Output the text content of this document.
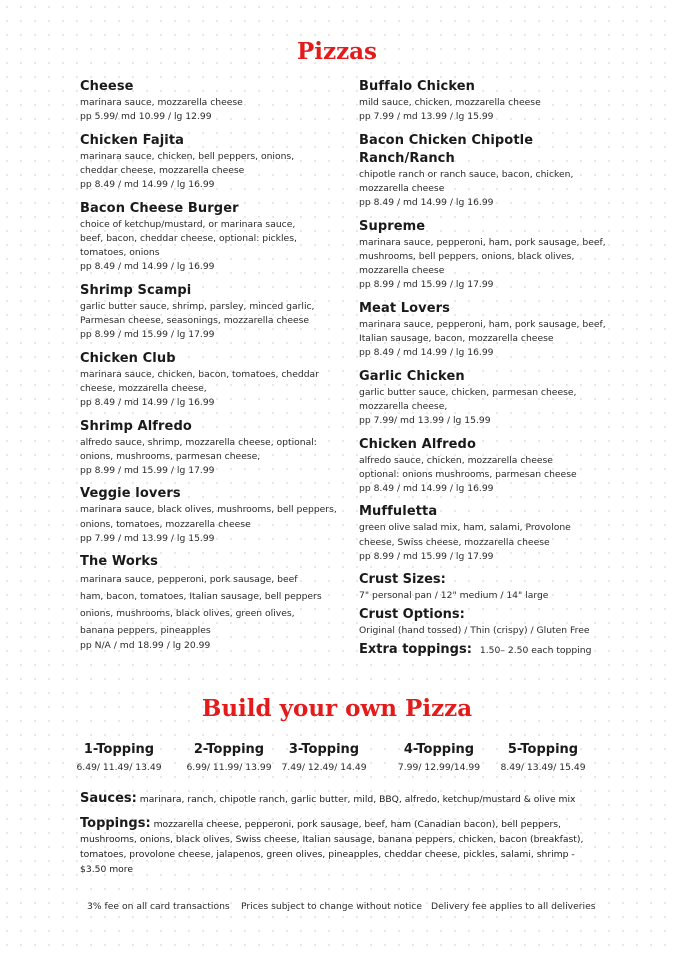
Pizzas
Cheese
marinara sauce, mozzarella cheese
pp 5.99/ md 10.99 / lg 12.99
Chicken Fajita
marinara sauce, chicken, bell peppers, onions,
cheddar cheese, mozzarella cheese
pp 8.49 / md 14.99 / lg 16.99
Bacon Cheese Burger
choice of ketchup/mustard, or marinara sauce,
beef, bacon, cheddar cheese, optional: pickles,
tomatoes, onions
pp 8.49 / md 14.99 / lg 16.99
Shrimp Scampi
garlic butter sauce, shrimp, parsley, minced garlic,
Parmesan cheese, seasonings, mozzarella cheese
pp 8.99 / md 15.99 / lg 17.99
Chicken Club
marinara sauce, chicken, bacon, tomatoes, cheddar
cheese, mozzarella cheese,
pp 8.49 / md 14.99 / lg 16.99
Shrimp Alfredo
alfredo sauce, shrimp, mozzarella cheese, optional:
onions, mushrooms, parmesan cheese,
pp 8.99 / md 15.99 / lg 17.99
Veggie lovers
marinara sauce, black olives, mushrooms, bell peppers,
onions, tomatoes, mozzarella cheese
pp 7.99 / md 13.99 / lg 15.99
The Works
marinara sauce, pepperoni, pork sausage, beef
ham, bacon, tomatoes, Italian sausage, bell peppers
onions, mushrooms, black olives, green olives,
banana peppers, pineapples
pp N/A / md 18.99 / lg 20.99
Buffalo Chicken
mild sauce, chicken, mozzarella cheese
pp 7.99 / md 13.99 / lg 15.99
Bacon Chicken Chipotle Ranch/Ranch
chipotle ranch or ranch sauce, bacon, chicken,
mozzarella cheese
pp 8.49 / md 14.99 / lg 16.99
Supreme
marinara sauce, pepperoni, ham, pork sausage, beef,
mushrooms, bell peppers, onions, black olives,
mozzarella cheese
pp 8.99 / md 15.99 / lg 17.99
Meat Lovers
marinara sauce, pepperoni, ham, pork sausage, beef,
Italian sausage, bacon, mozzarella cheese
pp 8.49 / md 14.99 / lg 16.99
Garlic Chicken
garlic butter sauce, chicken, parmesan cheese,
mozzarella cheese,
pp 7.99/ md 13.99 / lg 15.99
Chicken Alfredo
alfredo sauce, chicken, mozzarella cheese
optional: onions mushrooms, parmesan cheese
pp 8.49 / md 14.99 / lg 16.99
Muffuletta
green olive salad mix, ham, salami, Provolone
cheese, Swiss cheese, mozzarella cheese
pp 8.99 / md 15.99 / lg 17.99
Crust Sizes:
7" personal pan / 12" medium / 14" large
Crust Options:
Original (hand tossed) / Thin (crispy) / Gluten Free
Extra toppings: 1.50– 2.50 each topping
Build your own Pizza
1-Topping
6.49/ 11.49/ 13.49
2-Topping
6.99/ 11.99/ 13.99
3-Topping
7.49/ 12.49/ 14.49
4-Topping
7.99/ 12.99/14.99
5-Topping
8.49/ 13.49/ 15.49
Sauces: marinara, ranch, chipotle ranch, garlic butter, mild, BBQ, alfredo, ketchup/mustard & olive mix
Toppings: mozzarella cheese, pepperoni, pork sausage, beef, ham (Canadian bacon), bell peppers, mushrooms, onions, black olives, Swiss cheese, Italian sausage, banana peppers, chicken, bacon (breakfast), tomatoes, provolone cheese, jalapenos, green olives, pineapples, cheddar cheese, pickles, salami, shrimp - $3.50 more
3% fee on all card transactions Prices subject to change without notice Delivery fee applies to all deliveries
